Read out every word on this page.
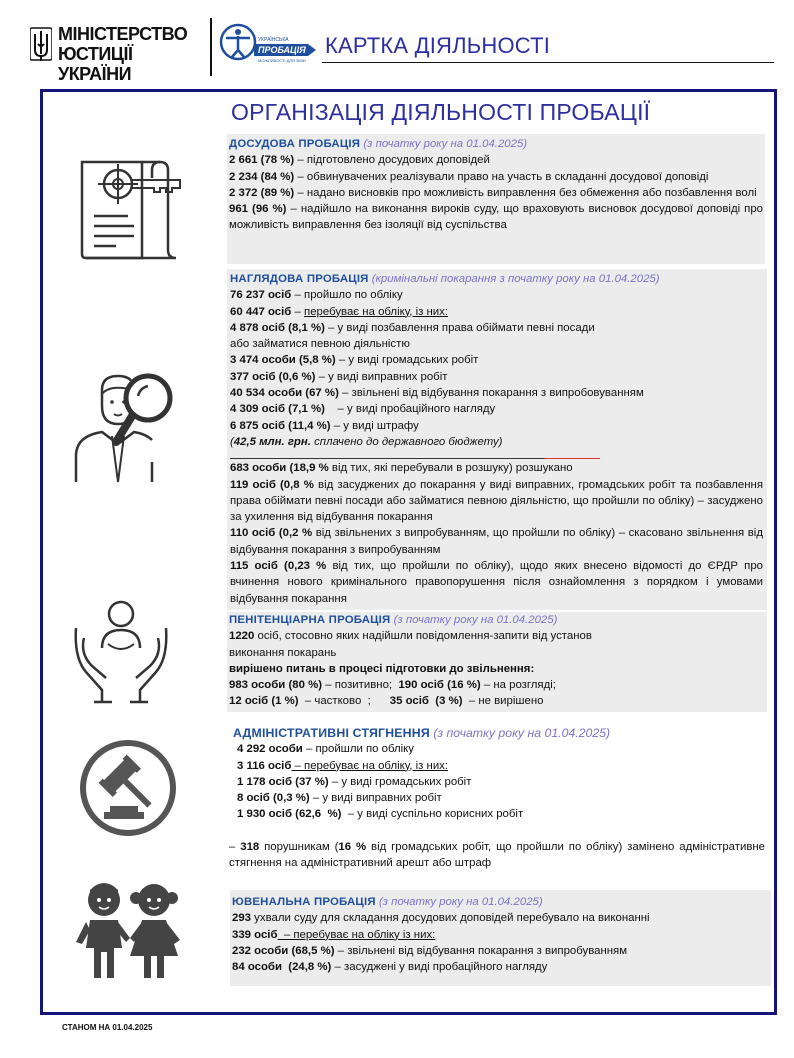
МІНІСТЕРСТВО ЮСТИЦІЇ УКРАЇНИ
УКРАЇНСЬКА
ПРОБАЦІЯ
МОЖЛИВОСТІ ДЛЯ ЗМІН
КАРТКА ДІЯЛЬНОСТІ
ОРГАНІЗАЦІЯ ДІЯЛЬНОСТІ ПРОБАЦІЇ
ДОСУДОВА ПРОБАЦІЯ (з початку року на 01.04.2025)
2 661 (78 %) – підготовлено досудових доповідей
2 234 (84 %) – обвинувачених реалізували право на участь в складанні досудової доповіді
2 372 (89 %) – надано висновків про можливість виправлення без обмеження або позбавлення волі
961 (96 %) – надійшло на виконання вироків суду, що враховують висновок досудової доповіді про можливість виправлення без ізоляції від суспільства
НАГЛЯДОВА ПРОБАЦІЯ (кримінальні покарання з початку року на 01.04.2025)
76 237 осіб – пройшло по обліку
60 447 осіб – перебуває на обліку, із них:
4 878 осіб (8,1 %) – у виді позбавлення права обіймати певні посади
або займатися певною діяльністю
3 474 особи (5,8 %) – у виді громадських робіт
377 осіб (0,6 %) – у виді виправних робіт
40 534 особи (67 %) – звільнені від відбування покарання з випробовуванням
4 309 осіб (7,1 %)    – у виді пробаційного нагляду
6 875 осіб (11,4 %) – у виді штрафу
(42,5 млн. грн. сплачено до державного бюджету)
683 особи (18,9 % від тих, які перебували в розшуку) розшукано
119 осіб (0,8 % від засуджених до покарання у виді виправних, громадських робіт та позбавлення права обіймати певні посади або займатися певною діяльністю, що пройшли по обліку) – засуджено за ухилення від відбування покарання
110 осіб (0,2 % від звільнених з випробуванням, що пройшли по обліку) – скасовано звільнення від відбування покарання з випробуванням
115 осіб (0,23 % від тих, що пройшли по обліку), щодо яких внесено відомості до ЄРДР про вчинення нового кримінального правопорушення після ознайомлення з порядком і умовами відбування покарання
ПЕНІТЕНЦІАРНА ПРОБАЦІЯ (з початку року на 01.04.2025)
1220 осіб, стосовно яких надійшли повідомлення-запити від установ
виконання покарань
вирішено питань в процесі підготовки до звільнення:
983 особи (80 %) – позитивно;  190 осіб (16 %) – на розгляді;
12 осіб (1 %)  – частково  ;      35 осіб  (3 %)  – не вирішено
АДМІНІСТРАТИВНІ СТЯГНЕННЯ (з початку року на 01.04.2025)
4 292 особи – пройшли по обліку
3 116 осіб – перебуває на обліку, із них:
1 178 осіб (37 %) – у виді громадських робіт
8 осіб (0,3 %) – у виді виправних робіт
1 930 осіб (62,6  %)  – у виді суспільно корисних робіт
– 318 порушникам (16 % від громадських робіт, що пройшли по обліку) замінено адміністративне стягнення на адміністративний арешт або штраф
ЮВЕНАЛЬНА ПРОБАЦІЯ (з початку року на 01.04.2025)
293 ухвали суду для складання досудових доповідей перебувало на виконанні
339 осіб  – перебуває на обліку із них:
232 особи (68,5 %) – звільнені від відбування покарання з випробуванням
84 особи  (24,8 %) – засуджені у виді пробаційного нагляду
СТАНОМ НА 01.04.2025
